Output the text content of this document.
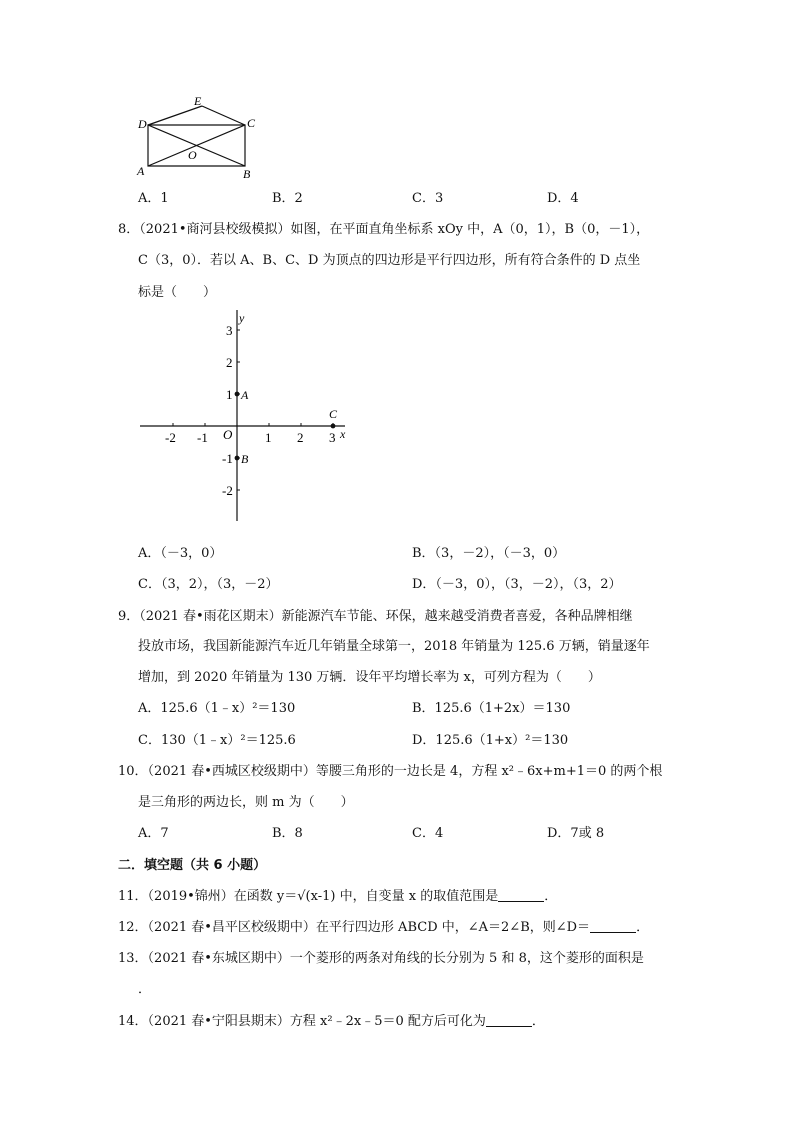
E
D	C
O
A	B
A．1	B．2	C．3	D．4
8．（2021•商河县校级模拟）如图，在平面直角坐标系 xOy 中，A（0，1），B（0，－1），
C（3，0）．若以 A、B、C、D 为顶点的四边形是平行四边形，所有符合条件的 D 点坐
标是（　　）
-2 -1	1 2 3
3
2
1
-1
-2
A
B
C
x
y
O
A．（－3，0）	B．（3，－2），（－3，0）
C．（3，2），（3，－2）	D．（－3，0），（3，－2），（3，2）
9．（2021 春•雨花区期末）新能源汽车节能、环保，越来越受消费者喜爱，各种品牌相继
投放市场，我国新能源汽车近几年销量全球第一，2018 年销量为 125.6 万辆，销量逐年
增加，到 2020 年销量为 130 万辆．设年平均增长率为 x，可列方程为（　　）
A．125.6（1﹣x）²＝130	B．125.6（1+2x）＝130
C．130（1﹣x）²＝125.6	D．125.6（1+x）²＝130
10．（2021 春•西城区校级期中）等腰三角形的一边长是 4，方程 x²﹣6x+m+1＝0 的两个根
是三角形的两边长，则 m 为（　　）
A．7	B．8	C．4	D．7或 8
二．填空题（共 6 小题）
11．（2019•锦州）在函数 y＝√(x-1) 中，自变量 x 的取值范围是	．
12．（2021 春•昌平区校级期中）在平行四边形 ABCD 中，∠A＝2∠B，则∠D＝	．
13．（2021 春•东城区期中）一个菱形的两条对角线的长分别为 5 和 8，这个菱形的面积是
．
14．（2021 春•宁阳县期末）方程 x²﹣2x﹣5＝0 配方后可化为	．
